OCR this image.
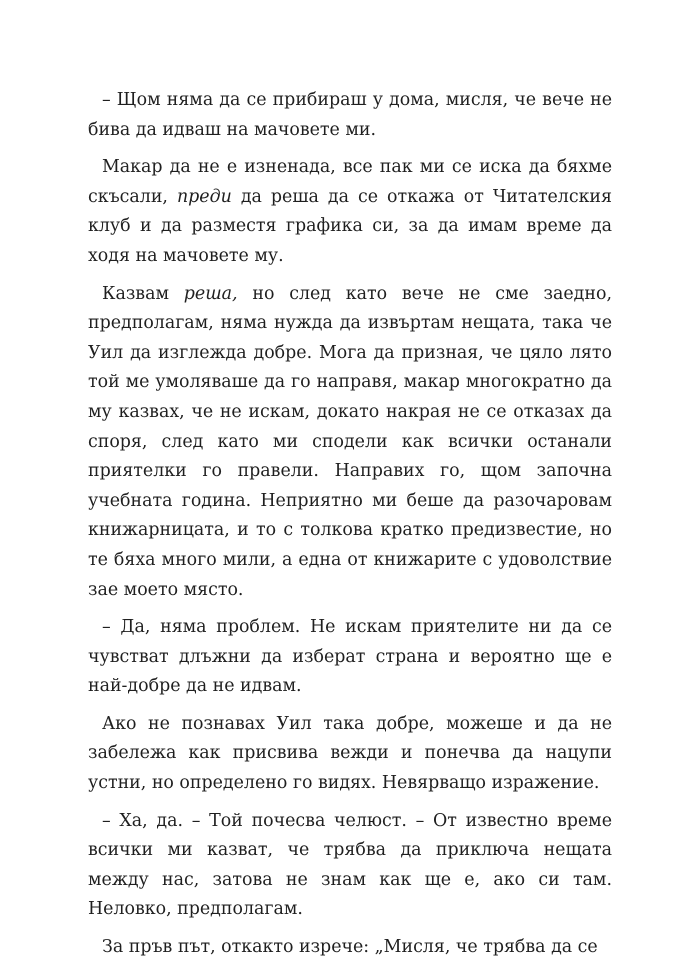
– Щом няма да се прибираш у дома, мисля, че вече не бива да идваш на мачовете ми.

Макар да не е изненада, все пак ми се иска да бяхме скъсали, преди да реша да се откажа от Читателския клуб и да разместя графика си, за да имам време да ходя на мачовете му.

Казвам реша, но след като вече не сме заедно, предполагам, няма нужда да извъртам нещата, така че Уил да изглежда добре. Мога да призная, че цяло лято той ме умоляваше да го направя, макар многократно да му казвах, че не искам, докато накрая не се отказах да споря, след като ми сподели как всички останали приятелки го правели. Направих го, щом започна учебната година. Неприятно ми беше да разочаровам книжарницата, и то с толкова кратко предизвестие, но те бяха много мили, а една от книжарите с удоволствие зае моето място.

– Да, няма проблем. Не искам приятелите ни да се чувстват длъжни да изберат страна и вероятно ще е най-добре да не идвам.

Ако не познавах Уил така добре, можеше и да не забележа как присвива вежди и понечва да нацупи устни, но определено го видях. Невярващо изражение.

– Ха, да. – Той почесва челюст. – От известно време всички ми казват, че трябва да приключа нещата между нас, затова не знам как ще е, ако си там. Неловко, предполагам.

За пръв път, откакто изрече: „Мисля, че трябва да се
